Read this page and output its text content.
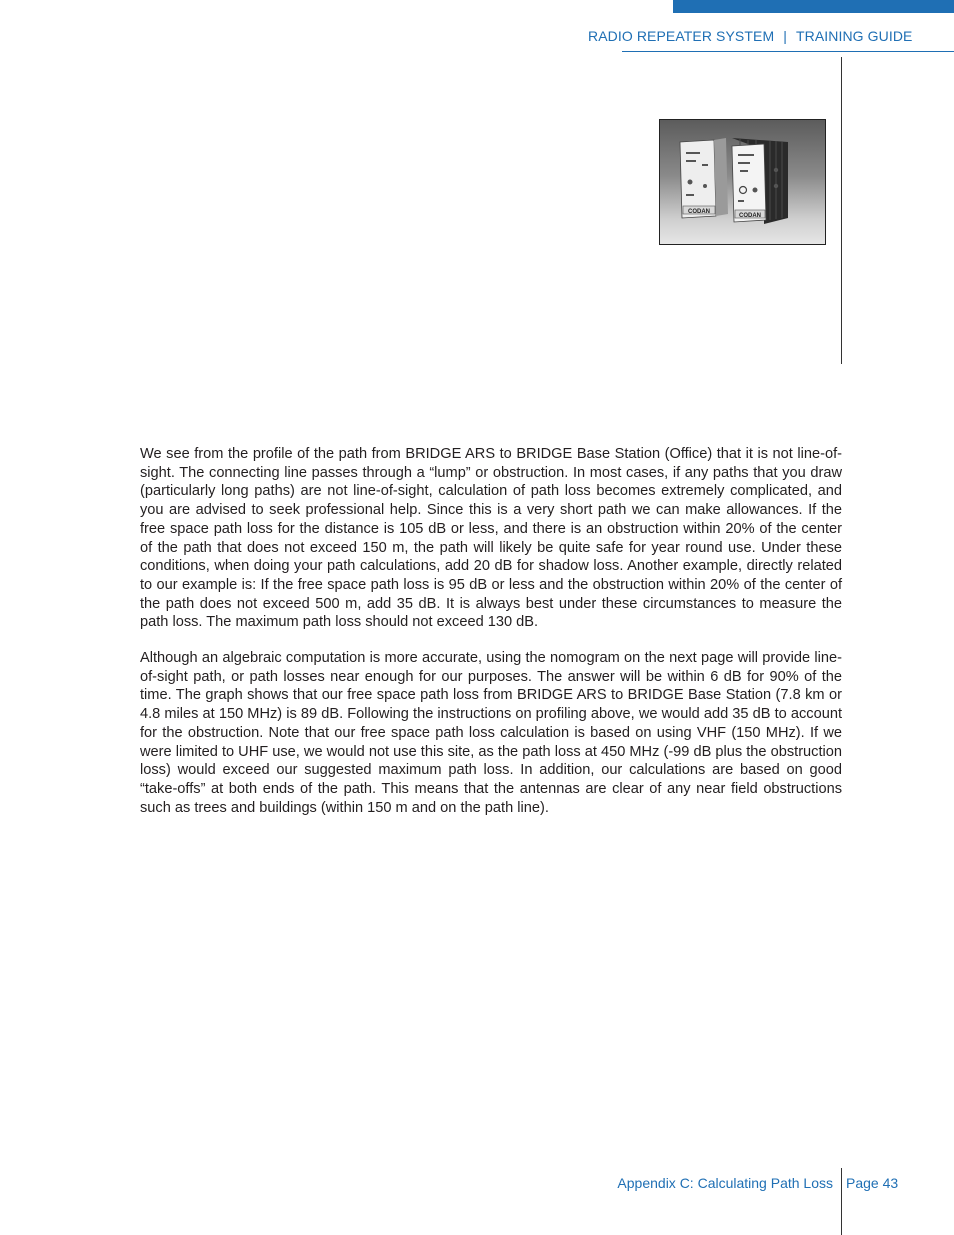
RADIO REPEATER SYSTEM | TRAINING GUIDE
CODAN
CODAN

We see from the profile of the path from BRIDGE ARS to BRIDGE Base Station (Office) that it is not line-of-sight. The connecting line passes through a “lump” or obstruction. In most cases, if any paths that you draw (particularly long paths) are not line-of-sight, calculation of path loss becomes extremely complicated, and you are advised to seek professional help. Since this is a very short path we can make allowances. If the free space path loss for the distance is 105 dB or less, and there is an obstruction within 20% of the center of the path that does not exceed 150 m, the path will likely be quite safe for year round use. Under these conditions, when doing your path calculations, add 20 dB for shadow loss. Another example, directly related to our example is: If the free space path loss is 95 dB or less and the obstruction within 20% of the center of the path does not exceed 500 m, add 35 dB. It is always best under these circumstances to measure the path loss. The maximum path loss should not exceed 130 dB.

Although an algebraic computation is more accurate, using the nomogram on the next page will provide line-of-sight path, or path losses near enough for our purposes. The answer will be within 6 dB for 90% of the time. The graph shows that our free space path loss from BRIDGE ARS to BRIDGE Base Station (7.8 km or 4.8 miles at 150 MHz) is 89 dB. Following the instructions on profiling above, we would add 35 dB to account for the obstruction. Note that our free space path loss calculation is based on using VHF (150 MHz). If we were limited to UHF use, we would not use this site, as the path loss at 450 MHz (-99 dB plus the obstruction loss) would exceed our suggested maximum path loss. In addition, our calculations are based on good “take-offs” at both ends of the path. This means that the antennas are clear of any near field obstructions such as trees and buildings (within 150 m and on the path line).

Appendix C: Calculating Path Loss Page 43
